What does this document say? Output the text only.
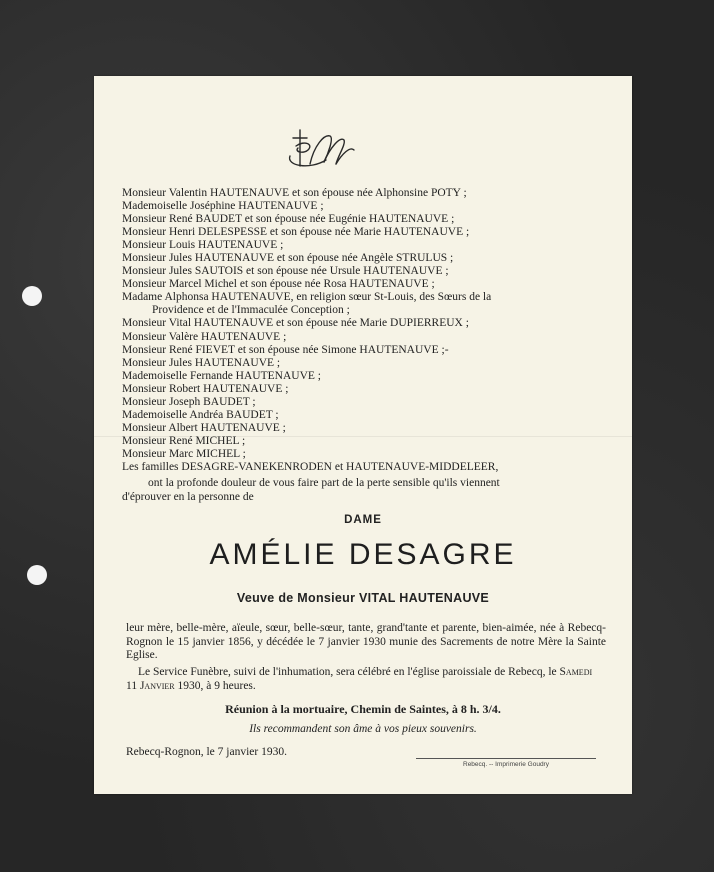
Monsieur Valentin HAUTENAUVE et son épouse née Alphonsine POTY ;
Mademoiselle Joséphine HAUTENAUVE ;
Monsieur René BAUDET et son épouse née Eugénie HAUTENAUVE ;
Monsieur Henri DELESPESSE et son épouse née Marie HAUTENAUVE ;
Monsieur Louis HAUTENAUVE ;
Monsieur Jules HAUTENAUVE et son épouse née Angèle STRULUS ;
Monsieur Jules SAUTOIS et son épouse née Ursule HAUTENAUVE ;
Monsieur Marcel Michel et son épouse née Rosa HAUTENAUVE ;
Madame Alphonsa HAUTENAUVE, en religion sœur St-Louis, des Sœurs de la
Providence et de l'Immaculée Conception ;
Monsieur Vital HAUTENAUVE et son épouse née Marie DUPIERREUX ;
Monsieur Valère HAUTENAUVE ;
Monsieur René FIEVET et son épouse née Simone HAUTENAUVE ;-
Monsieur Jules HAUTENAUVE ;
Mademoiselle Fernande HAUTENAUVE ;
Monsieur Robert HAUTENAUVE ;
Monsieur Joseph BAUDET ;
Mademoiselle Andréa BAUDET ;
Monsieur Albert HAUTENAUVE ;
Monsieur René MICHEL ;
Monsieur Marc MICHEL ;
Les familles DESAGRE-VANEKENRODEN et HAUTENAUVE-MIDDELEER,
ont la profonde douleur de vous faire part de la perte sensible qu'ils viennent
d'éprouver en la personne de
DAME
AMÉLIE DESAGRE
Veuve de Monsieur VITAL HAUTENAUVE
leur mère, belle-mère, aïeule, sœur, belle-sœur, tante, grand'tante et parente, bien-aimée, née à Rebecq-Rognon le 15 janvier 1856, y décédée le 7 janvier 1930 munie des Sacrements de notre Mère la Sainte Eglise.
Le Service Funèbre, suivi de l'inhumation, sera célébré en l'église paroissiale de Rebecq, le Samedi 11 Janvier 1930, à 9 heures.
Réunion à la mortuaire, Chemin de Saintes, à 8 h. 3/4.
Ils recommandent son âme à vos pieux souvenirs.
Rebecq-Rognon, le 7 janvier 1930.
Rebecq. -- Imprimerie Goudry
